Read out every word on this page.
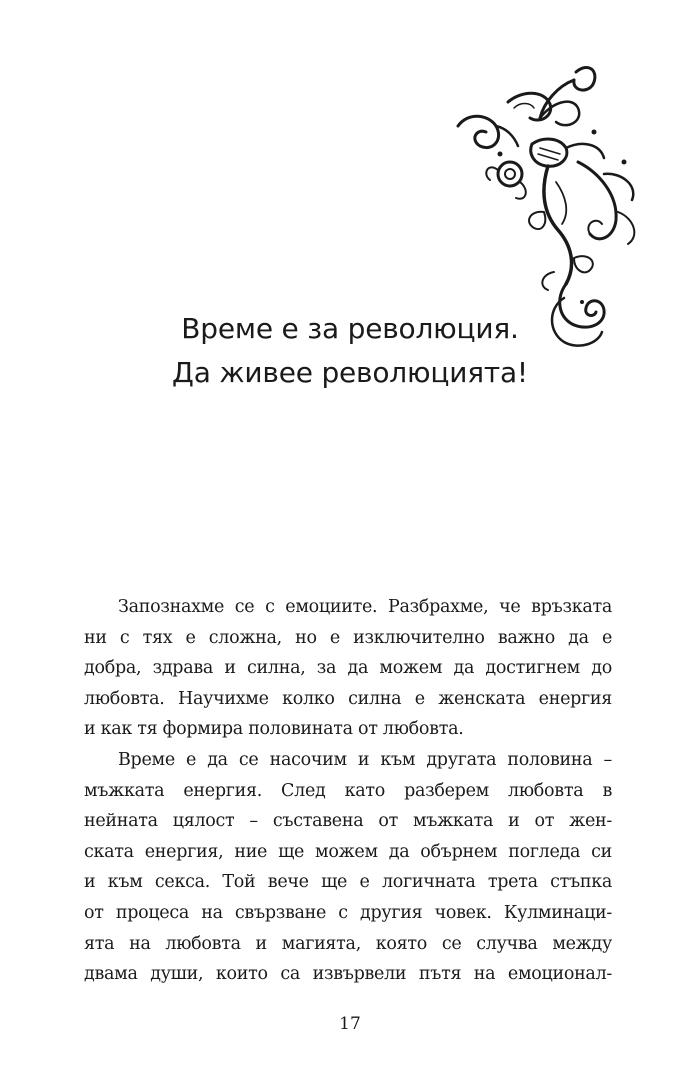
Време е за революция.
Да живее революцията!
Запознахме се с емоциите. Разбрахме, че връзката
ни с тях е сложна, но е изключително важно да е
добра, здрава и силна, за да можем да достигнем до
любовта. Научихме колко силна е женската енергия
и как тя формира половината от любовта.
Време е да се насочим и към другата половина –
мъжката енергия. След като разберем любовта в
нейната цялост – съставена от мъжката и от жен-
ската енергия, ние ще можем да обърнем погледа си
и към секса. Той вече ще е логичната трета стъпка
от процеса на свързване с другия човек. Кулминаци-
ята на любовта и магията, която се случва между
двама души, които са извървели пътя на емоционал-
17
